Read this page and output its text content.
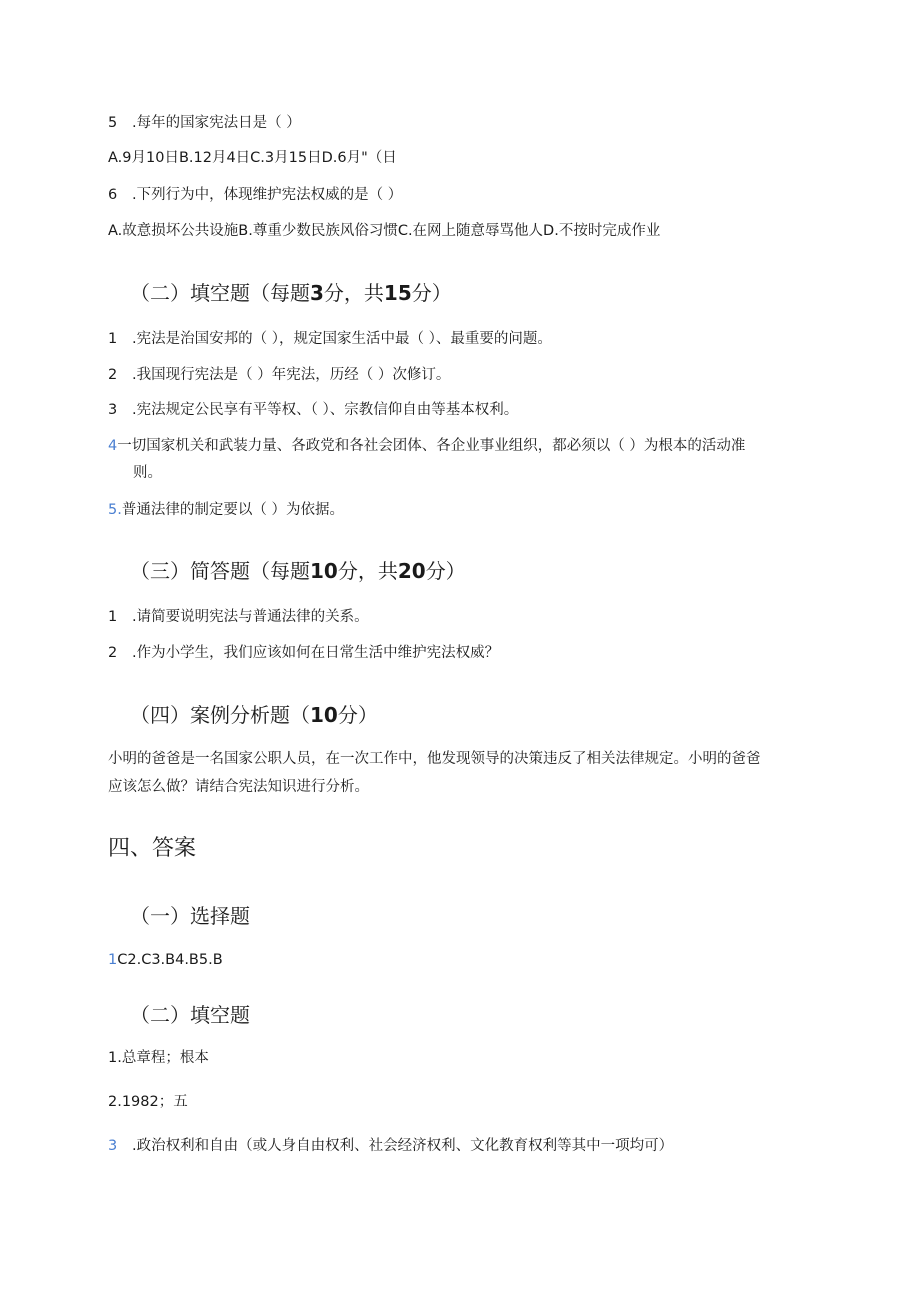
5 .每年的国家宪法日是（ ）
A.9月10日B.12月4日C.3月15日D.6月"（日
6 .下列行为中，体现维护宪法权威的是（ ）
A.故意损坏公共设施B.尊重少数民族风俗习惯C.在网上随意辱骂他人D.不按时完成作业
（二）填空题（每题3分，共15分）
1 .宪法是治国安邦的（ ），规定国家生活中最（ ）、最重要的问题。
2 .我国现行宪法是（ ）年宪法，历经（ ）次修订。
3 .宪法规定公民享有平等权、（ ）、宗教信仰自由等基本权利。
4一切国家机关和武装力量、各政党和各社会团体、各企业事业组织，都必须以（ ）为根本的活动准
则。
5.普通法律的制定要以（ ）为依据。
（三）简答题（每题10分，共20分）
1 .请简要说明宪法与普通法律的关系。
2 .作为小学生，我们应该如何在日常生活中维护宪法权威？
（四）案例分析题（10分）
小明的爸爸是一名国家公职人员，在一次工作中，他发现领导的决策违反了相关法律规定。小明的爸爸
应该怎么做？请结合宪法知识进行分析。
四、答案
（一）选择题
1C2.C3.B4.B5.B
（二）填空题
1.总章程；根本
2.1982；五
3 .政治权利和自由（或人身自由权利、社会经济权利、文化教育权利等其中一项均可）
